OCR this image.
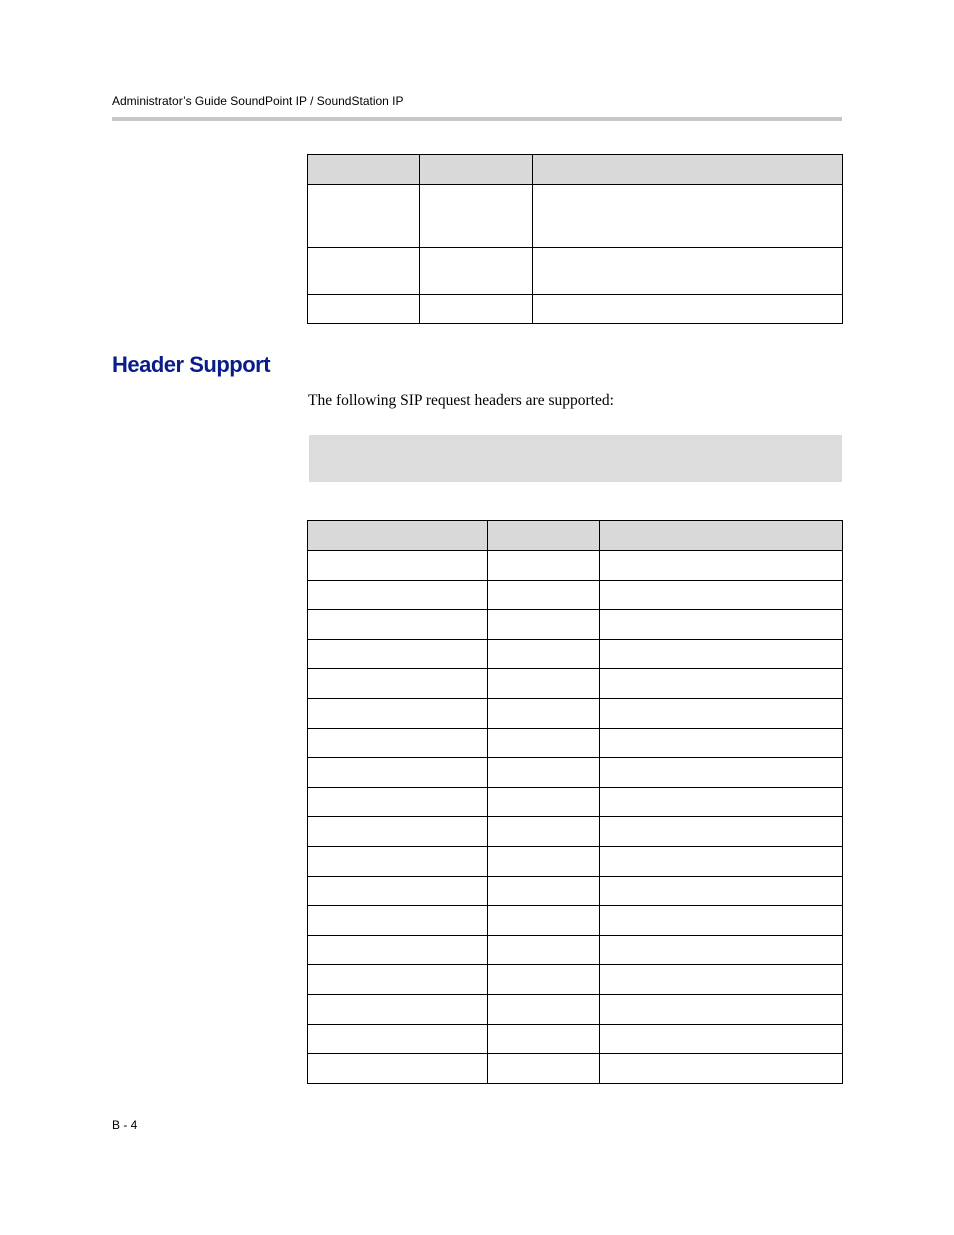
Administrator’s Guide SoundPoint IP / SoundStation IP

Header Support

The following SIP request headers are supported:

B - 4
